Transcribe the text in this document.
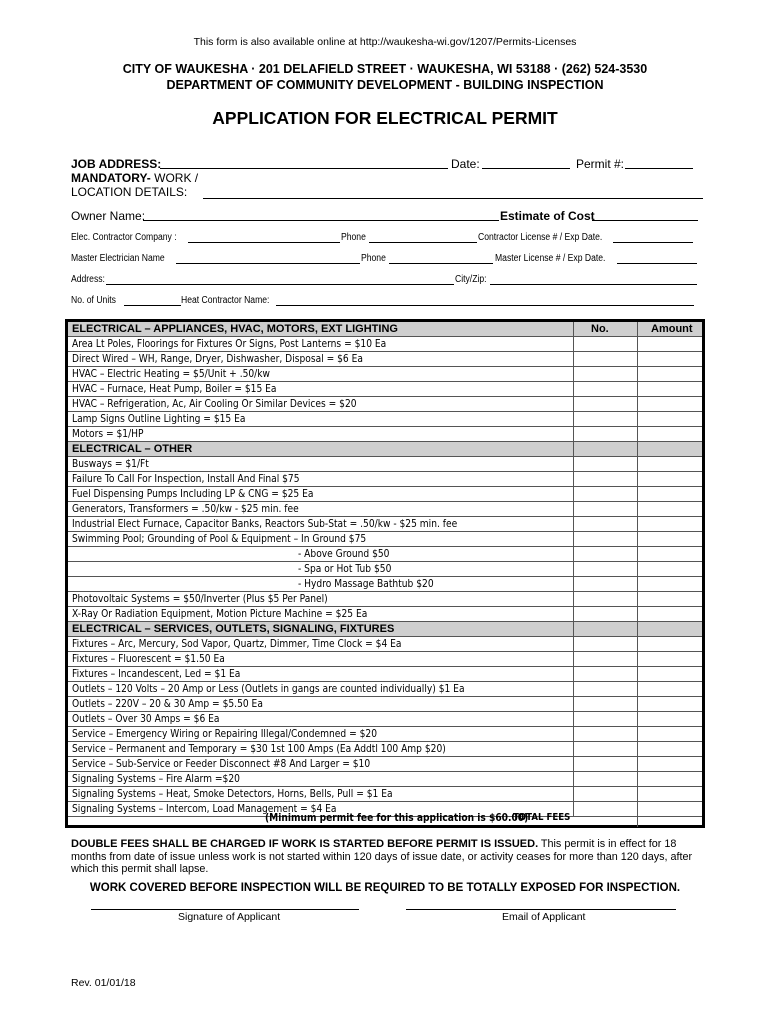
This form is also available online at http://waukesha-wi.gov/1207/Permits-Licenses
CITY OF WAUKESHA · 201 DELAFIELD STREET · WAUKESHA, WI 53188 · (262) 524-3530
DEPARTMENT OF COMMUNITY DEVELOPMENT - BUILDING INSPECTION
APPLICATION FOR ELECTRICAL PERMIT
JOB ADDRESS:	Date:	Permit #:
MANDATORY- WORK /
LOCATION DETAILS:
Owner Name:	Estimate of Cost
Elec. Contractor Company :	Phone	Contractor License # / Exp Date.
Master Electrician Name	Phone	Master License # / Exp Date.
Address:	City/Zip:
No. of Units	Heat Contractor Name:
ELECTRICAL – APPLIANCES, HVAC, MOTORS, EXT LIGHTING	No.	Amount
Area Lt Poles, Floorings for Fixtures Or Signs, Post Lanterns = $10 Ea
Direct Wired – WH, Range, Dryer, Dishwasher, Disposal = $6 Ea
HVAC – Electric Heating = $5/Unit + .50/kw
HVAC – Furnace, Heat Pump, Boiler = $15 Ea
HVAC – Refrigeration, Ac, Air Cooling Or Similar Devices = $20
Lamp Signs Outline Lighting = $15 Ea
Motors = $1/HP
ELECTRICAL – OTHER
Busways = $1/Ft
Failure To Call For Inspection, Install And Final $75
Fuel Dispensing Pumps Including LP & CNG = $25 Ea
Generators, Transformers = .50/kw - $25 min. fee
Industrial Elect Furnace, Capacitor Banks, Reactors Sub-Stat = .50/kw - $25 min. fee
Swimming Pool; Grounding of Pool & Equipment – In Ground $75
- Above Ground $50
- Spa or Hot Tub $50
- Hydro Massage Bathtub $20
Photovoltaic Systems = $50/Inverter (Plus $5 Per Panel)
X-Ray Or Radiation Equipment, Motion Picture Machine = $25 Ea
ELECTRICAL – SERVICES, OUTLETS, SIGNALING, FIXTURES
Fixtures – Arc, Mercury, Sod Vapor, Quartz, Dimmer, Time Clock = $4 Ea
Fixtures – Fluorescent = $1.50 Ea
Fixtures – Incandescent, Led = $1 Ea
Outlets – 120 Volts – 20 Amp or Less (Outlets in gangs are counted individually) $1 Ea
Outlets – 220V – 20 & 30 Amp = $5.50 Ea
Outlets – Over 30 Amps = $6 Ea
Service – Emergency Wiring or Repairing Illegal/Condemned = $20
Service – Permanent and Temporary = $30 1st 100 Amps (Ea Addtl 100 Amp $20)
Service – Sub-Service or Feeder Disconnect #8 And Larger = $10
Signaling Systems – Fire Alarm =$20
Signaling Systems – Heat, Smoke Detectors, Horns, Bells, Pull = $1 Ea
Signaling Systems – Intercom, Load Management = $4 Ea
(Minimum permit fee for this application is $60.00)
TOTAL FEES
DOUBLE FEES SHALL BE CHARGED IF WORK IS STARTED BEFORE PERMIT IS ISSUED. This permit is in effect for 18 months from date of issue unless work is not started within 120 days of issue date, or activity ceases for more than 120 days, after which this permit shall lapse.
WORK COVERED BEFORE INSPECTION WILL BE REQUIRED TO BE TOTALLY EXPOSED FOR INSPECTION.
Signature of Applicant	Email of Applicant
Rev. 01/01/18
